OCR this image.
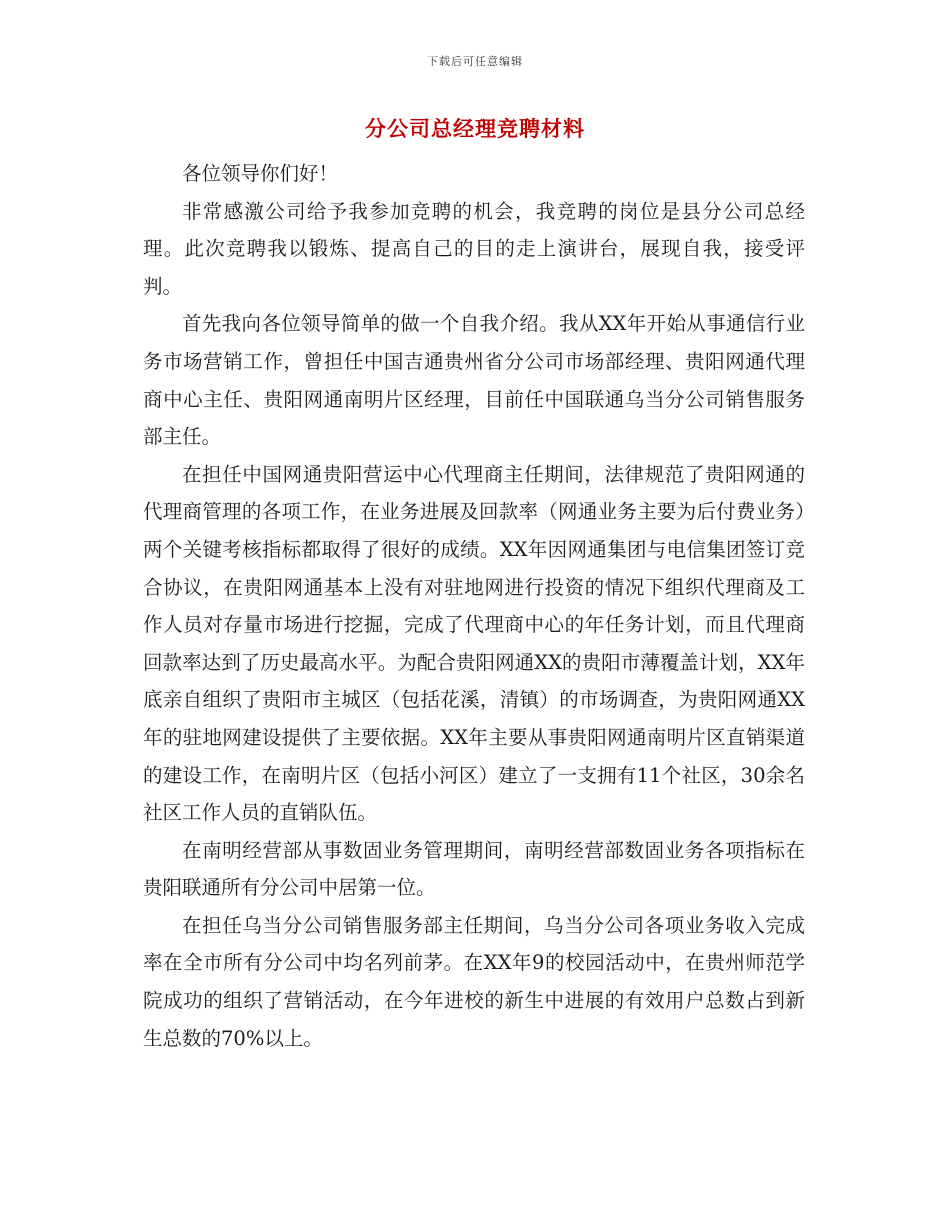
下载后可任意编辑
分公司总经理竞聘材料

各位领导你们好！

非常感激公司给予我参加竞聘的机会，我竞聘的岗位是县分公司总经理。此次竞聘我以锻炼、提高自己的目的走上演讲台，展现自我，接受评判。

首先我向各位领导简单的做一个自我介绍。我从XX年开始从事通信行业务市场营销工作，曾担任中国吉通贵州省分公司市场部经理、贵阳网通代理商中心主任、贵阳网通南明片区经理，目前任中国联通乌当分公司销售服务部主任。

在担任中国网通贵阳营运中心代理商主任期间，法律规范了贵阳网通的代理商管理的各项工作，在业务进展及回款率（网通业务主要为后付费业务）两个关键考核指标都取得了很好的成绩。XX年因网通集团与电信集团签订竞合协议，在贵阳网通基本上没有对驻地网进行投资的情况下组织代理商及工作人员对存量市场进行挖掘，完成了代理商中心的年任务计划，而且代理商回款率达到了历史最高水平。为配合贵阳网通XX的贵阳市薄覆盖计划，XX年底亲自组织了贵阳市主城区（包括花溪，清镇）的市场调查，为贵阳网通XX年的驻地网建设提供了主要依据。XX年主要从事贵阳网通南明片区直销渠道的建设工作，在南明片区（包括小河区）建立了一支拥有11个社区，30余名社区工作人员的直销队伍。

在南明经营部从事数固业务管理期间，南明经营部数固业务各项指标在贵阳联通所有分公司中居第一位。

在担任乌当分公司销售服务部主任期间，乌当分公司各项业务收入完成率在全市所有分公司中均名列前茅。在XX年9的校园活动中，在贵州师范学院成功的组织了营销活动，在今年进校的新生中进展的有效用户总数占到新生总数的70%以上。
